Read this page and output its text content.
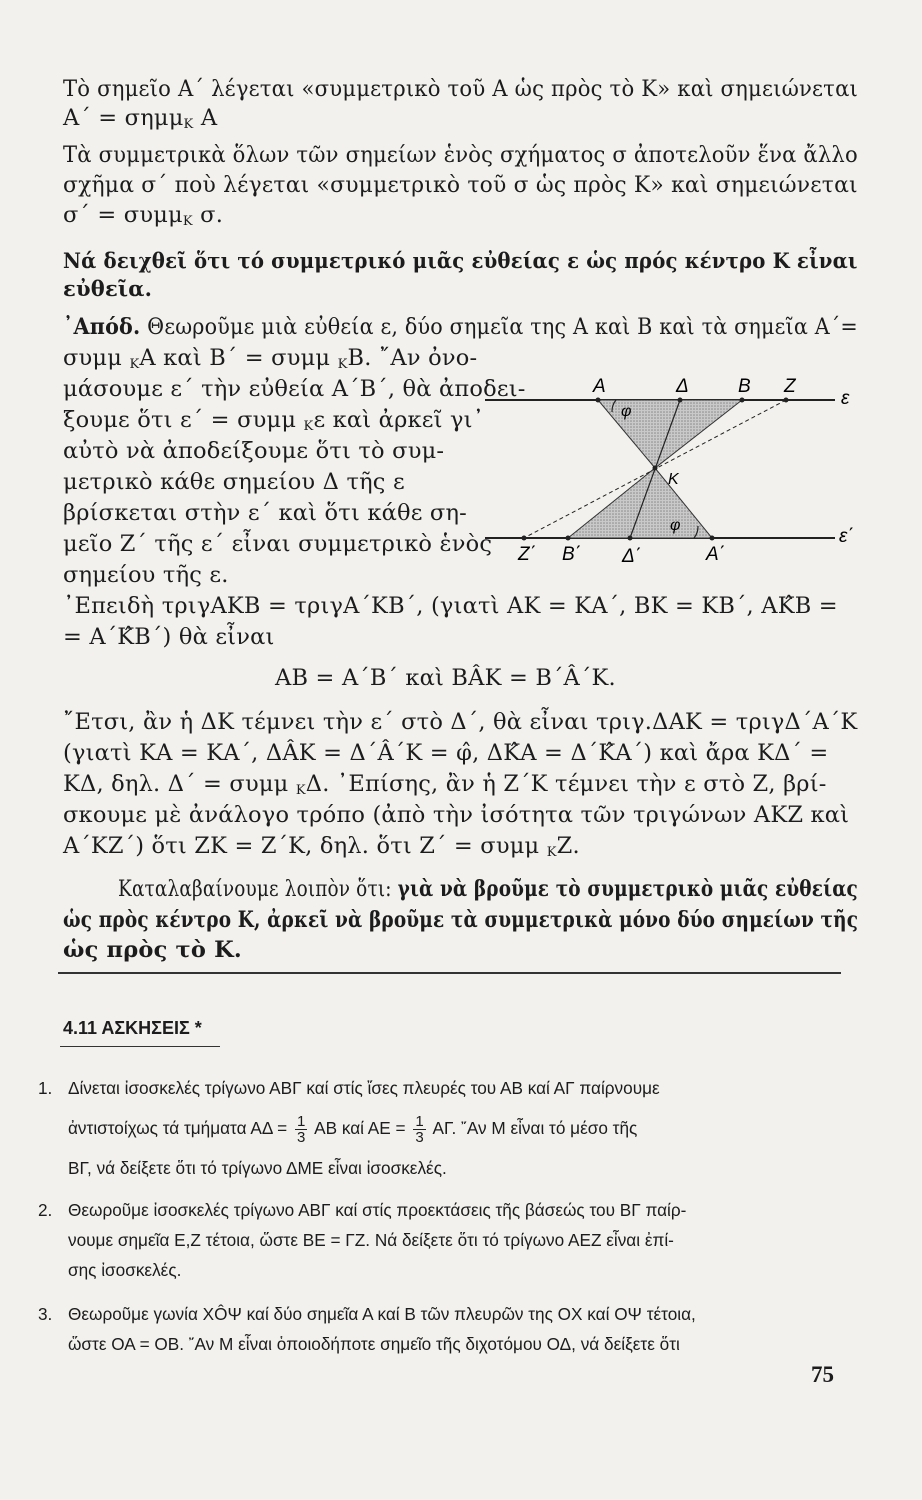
Τὸ σημεῖο Α΄ λέγεται «συμμετρικὸ τοῦ Α ὡς πρὸς τὸ Κ» καὶ σημειώνεται
Α΄ = σημμ$_K$ Α
Τὰ συμμετρικὰ ὅλων τῶν σημείων ἑνὸς σχήματος σ ἀποτελοῦν ἕνα ἄλλο
σχῆμα σ΄ ποὺ λέγεται «συμμετρικὸ τοῦ σ ὡς πρὸς Κ» καὶ σημειώνεται
σ΄ = συμμ$_K$ σ.
Νά δειχθεῖ ὅτι τό συμμετρικό μιᾶς εὐθείας ε ὡς πρός κέντρο Κ εἶναι
εὐθεῖα.
᾿Απόδ. Θεωροῦμε μιὰ εὐθεία ε, δύο σημεῖα της Α καὶ Β καὶ τὰ σημεῖα Α΄=
συμμ $_K$Α καὶ Β΄ = συμμ $_K$Β. ῎Αν ὀνο-
μάσουμε ε΄ τὴν εὐθεία Α΄Β΄, θὰ ἀποδει-
ξουμε ὅτι ε΄ = συμμ $_K$ε καὶ ἀρκεῖ γι᾿
αὐτὸ νὰ ἀποδείξουμε ὅτι τὸ συμ-
μετρικὸ κάθε σημείου Δ τῆς ε
βρίσκεται στὴν ε΄ καὶ ὅτι κάθε ση-
μεῖο Ζ΄ τῆς ε΄ εἶναι συμμετρικὸ ἑνὸς
σημείου τῆς ε.
Α	Δ	Β Ζ
ε
φ
Κ
φ
Ζ΄ Β΄ Δ΄	Α΄
ε΄
᾿Επειδὴ τριγΑΚΒ = τριγΑ΄ΚΒ΄, (γιατὶ ΑΚ = ΚΑ΄, ΒΚ = ΚΒ΄, ΑΚ̂Β =
= Α΄Κ̂Β΄) θὰ εἶναι
ΑΒ = Α΄Β΄ καὶ ΒÂΚ = Β΄Â΄Κ.
῎Ετσι, ἂν ἡ ΔΚ τέμνει τὴν ε΄ στὸ Δ΄, θὰ εἶναι τριγ.ΔΑΚ = τριγΔ΄Α΄Κ
(γιατὶ ΚΑ = ΚΑ΄, ΔÂΚ = Δ΄Â΄Κ = φ̂, ΔΚ̂Α = Δ΄Κ̂Α΄) καὶ ἄρα ΚΔ΄ =
ΚΔ, δηλ. Δ΄ = συμμ $_K$Δ. ᾿Επίσης, ἂν ἡ Ζ΄Κ τέμνει τὴν ε στὸ Ζ, βρί-
σκουμε μὲ ἀνάλογο τρόπο (ἀπὸ τὴν ἰσότητα τῶν τριγώνων ΑΚΖ καὶ
Α΄ΚΖ΄) ὅτι ΖΚ = Ζ΄Κ, δηλ. ὅτι Ζ΄ = συμμ $_K$Ζ.
Καταλαβαίνουμε λοιπὸν ὅτι: γιὰ νὰ βροῦμε τὸ συμμετρικὸ μιᾶς εὐθείας
ὡς πρὸς κέντρο Κ, ἀρκεῖ νὰ βροῦμε τὰ συμμετρικὰ μόνο δύο σημείων τῆς
ὡς πρὸς τὸ Κ.
4.11 ΑΣΚΗΣΕΙΣ *
1. Δίνεται ἰσοσκελές τρίγωνο ΑΒΓ καί στίς ἴσες πλευρές του ΑΒ καί ΑΓ παίρνουμε
ἀντιστοίχως τά τμήματα $A\Delta = \frac{1}{3}$ ΑΒ καί $AE = \frac{1}{3} A\Gamma$. ῎Αν Μ εἶναι τό μέσο τῆς
ΒΓ, νά δείξετε ὅτι τό τρίγωνο ΔΜΕ εἶναι ἰσοσκελές.
2. Θεωροῦμε ἰσοσκελές τρίγωνο ΑΒΓ καί στίς προεκτάσεις τῆς βάσεώς του ΒΓ παίρ-
νουμε σημεῖα Ε,Ζ τέτοια, ὥστε ΒΕ = ΓΖ. Νά δείξετε ὅτι τό τρίγωνο ΑΕΖ εἶναι ἐπί-
σης ἰσοσκελές.
3. Θεωροῦμε γωνία ΧÔΨ καί δύο σημεῖα Α καί Β τῶν πλευρῶν της ΟΧ καί ΟΨ τέτοια,
ὥστε ΟΑ = ΟΒ. ῎Αν Μ εἶναι ὁποιοδήποτε σημεῖο τῆς διχοτόμου ΟΔ, νά δείξετε ὅτι
75
